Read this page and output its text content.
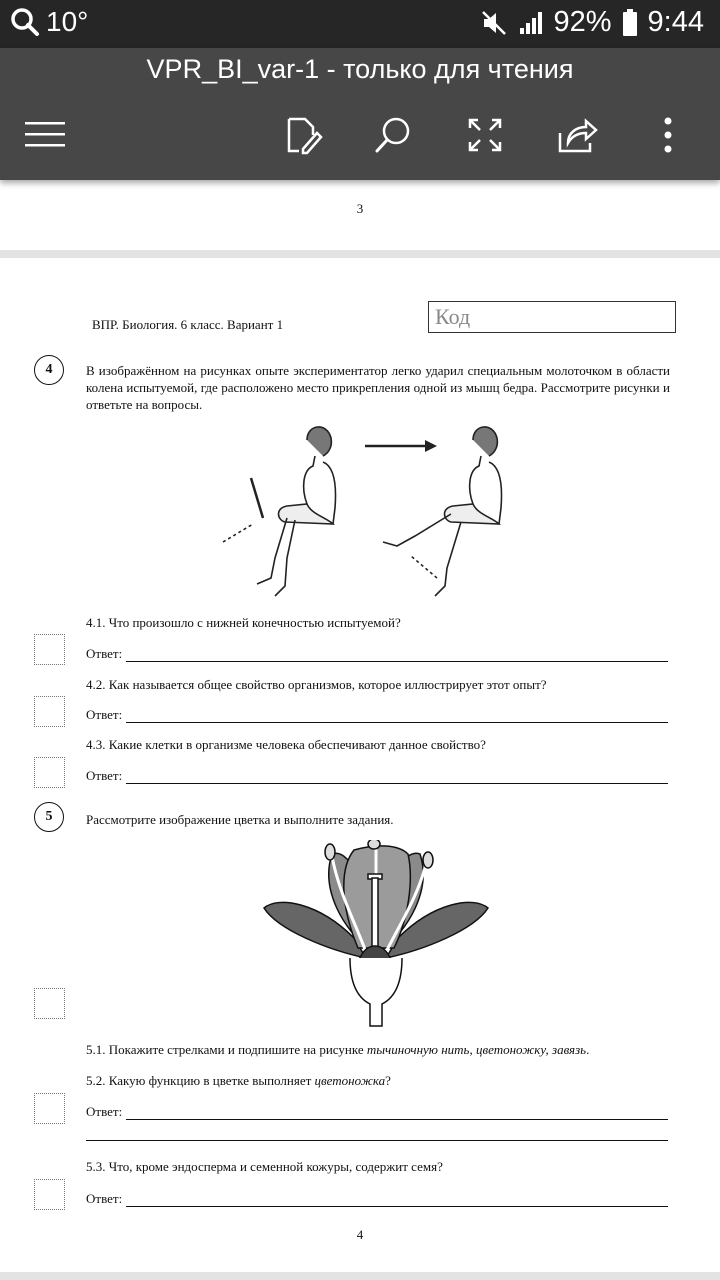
10°	92% 9:44
VPR_BI_var-1 - только для чтения
3
ВПР. Биология. 6 класс. Вариант 1	Код
4	В изображённом на рисунках опыте экспериментатор легко ударил специальным молоточком в области колена испытуемой, где расположено место прикрепления одной из мышц бедра. Рассмотрите рисунки и ответьте на вопросы.
4.1. Что произошло с нижней конечностью испытуемой?
Ответ:
4.2. Как называется общее свойство организмов, которое иллюстрирует этот опыт?
Ответ:
4.3. Какие клетки в организме человека обеспечивают данное свойство?
Ответ:
5	Рассмотрите изображение цветка и выполните задания.
5.1. Покажите стрелками и подпишите на рисунке тычиночную нить, цветоножку, завязь.
5.2. Какую функцию в цветке выполняет цветоножка?
Ответ:
5.3. Что, кроме эндосперма и семенной кожуры, содержит семя?
Ответ:
4
